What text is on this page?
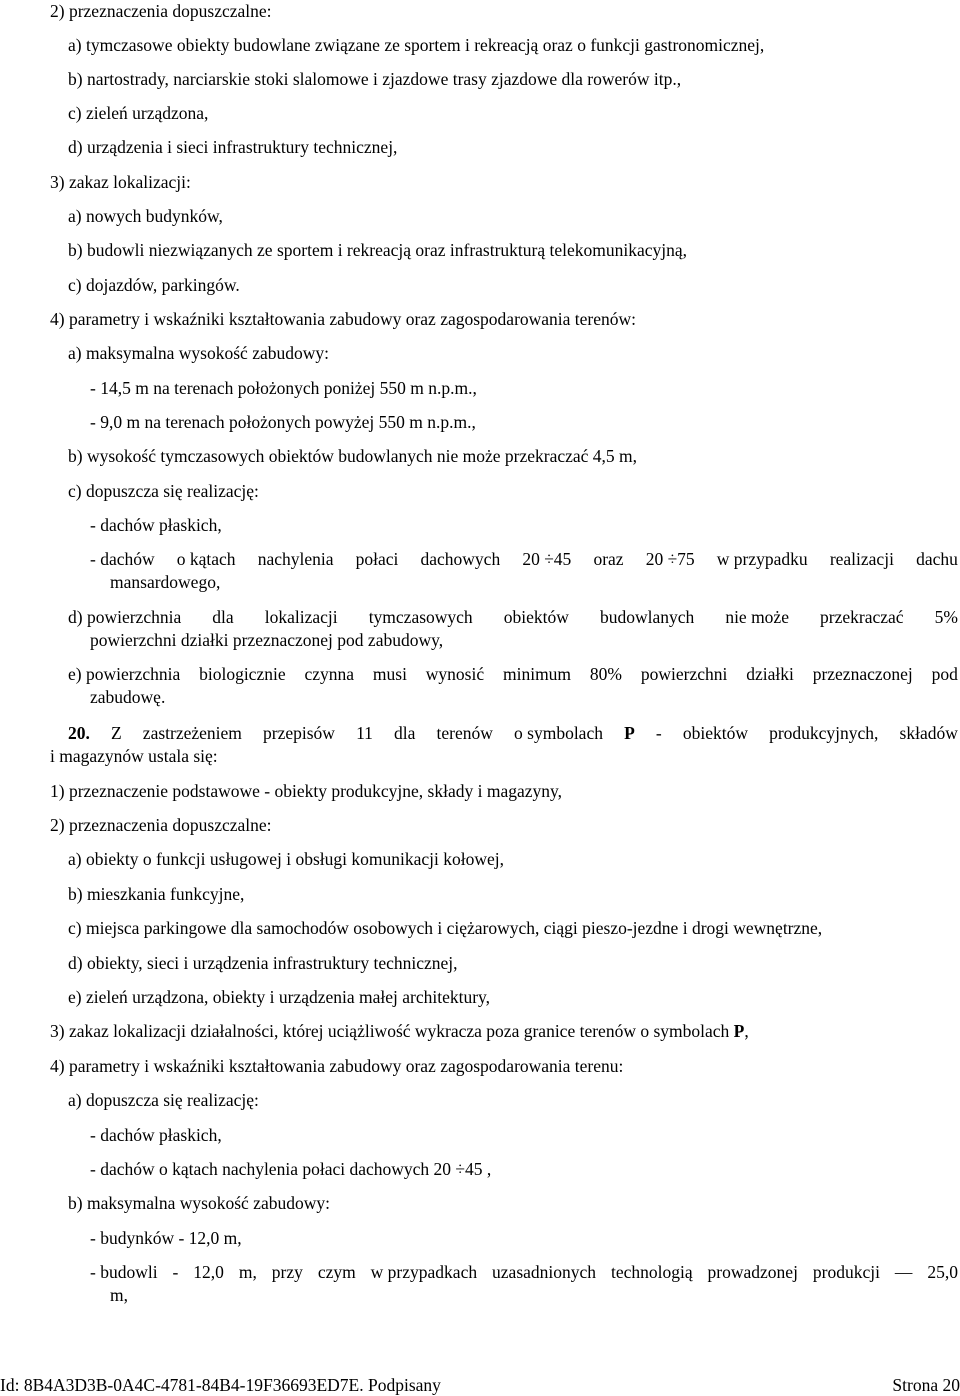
2) przeznaczenia dopuszczalne:
a) tymczasowe obiekty budowlane związane ze sportem i rekreacją oraz o funkcji gastronomicznej,
b) nartostrady, narciarskie stoki slalomowe i zjazdowe trasy zjazdowe dla rowerów itp.,
c) zieleń urządzona,
d) urządzenia i sieci infrastruktury technicznej,
3) zakaz lokalizacji:
a) nowych budynków,
b) budowli niezwiązanych ze sportem i rekreacją oraz infrastrukturą telekomunikacyjną,
c) dojazdów, parkingów.
4) parametry i wskaźniki kształtowania zabudowy oraz zagospodarowania terenów:
a) maksymalna wysokość zabudowy:
- 14,5 m na terenach położonych poniżej 550 m n.p.m.,
- 9,0 m na terenach położonych powyżej 550 m n.p.m.,
b) wysokość tymczasowych obiektów budowlanych nie może przekraczać 4,5 m,
c) dopuszcza się realizację:
- dachów płaskich,
- dachów o kątach nachylenia połaci dachowych 20 ÷45 oraz 20 ÷75 w przypadku realizacji dachu
mansardowego,
d) powierzchnia dla lokalizacji tymczasowych obiektów budowlanych nie może przekraczać 5%
powierzchni działki przeznaczonej pod zabudowy,
e) powierzchnia biologicznie czynna musi wynosić minimum 80% powierzchni działki przeznaczonej pod
zabudowę.
20. Z zastrzeżeniem przepisów 11 dla terenów o symbolach P - obiektów produkcyjnych, składów
i magazynów ustala się:
1) przeznaczenie podstawowe - obiekty produkcyjne, składy i magazyny,
2) przeznaczenia dopuszczalne:
a) obiekty o funkcji usługowej i obsługi komunikacji kołowej,
b) mieszkania funkcyjne,
c) miejsca parkingowe dla samochodów osobowych i ciężarowych, ciągi pieszo-jezdne i drogi wewnętrzne,
d) obiekty, sieci i urządzenia infrastruktury technicznej,
e) zieleń urządzona, obiekty i urządzenia małej architektury,
3) zakaz lokalizacji działalności, której uciążliwość wykracza poza granice terenów o symbolach P,
4) parametry i wskaźniki kształtowania zabudowy oraz zagospodarowania terenu:
a) dopuszcza się realizację:
- dachów płaskich,
- dachów o kątach nachylenia połaci dachowych 20 ÷45 ,
b) maksymalna wysokość zabudowy:
- budynków - 12,0 m,
- budowli - 12,0 m, przy czym w przypadkach uzasadnionych technologią prowadzonej produkcji — 25,0
m,
Id: 8B4A3D3B-0A4C-4781-84B4-19F36693ED7E. Podpisany	Strona 20
